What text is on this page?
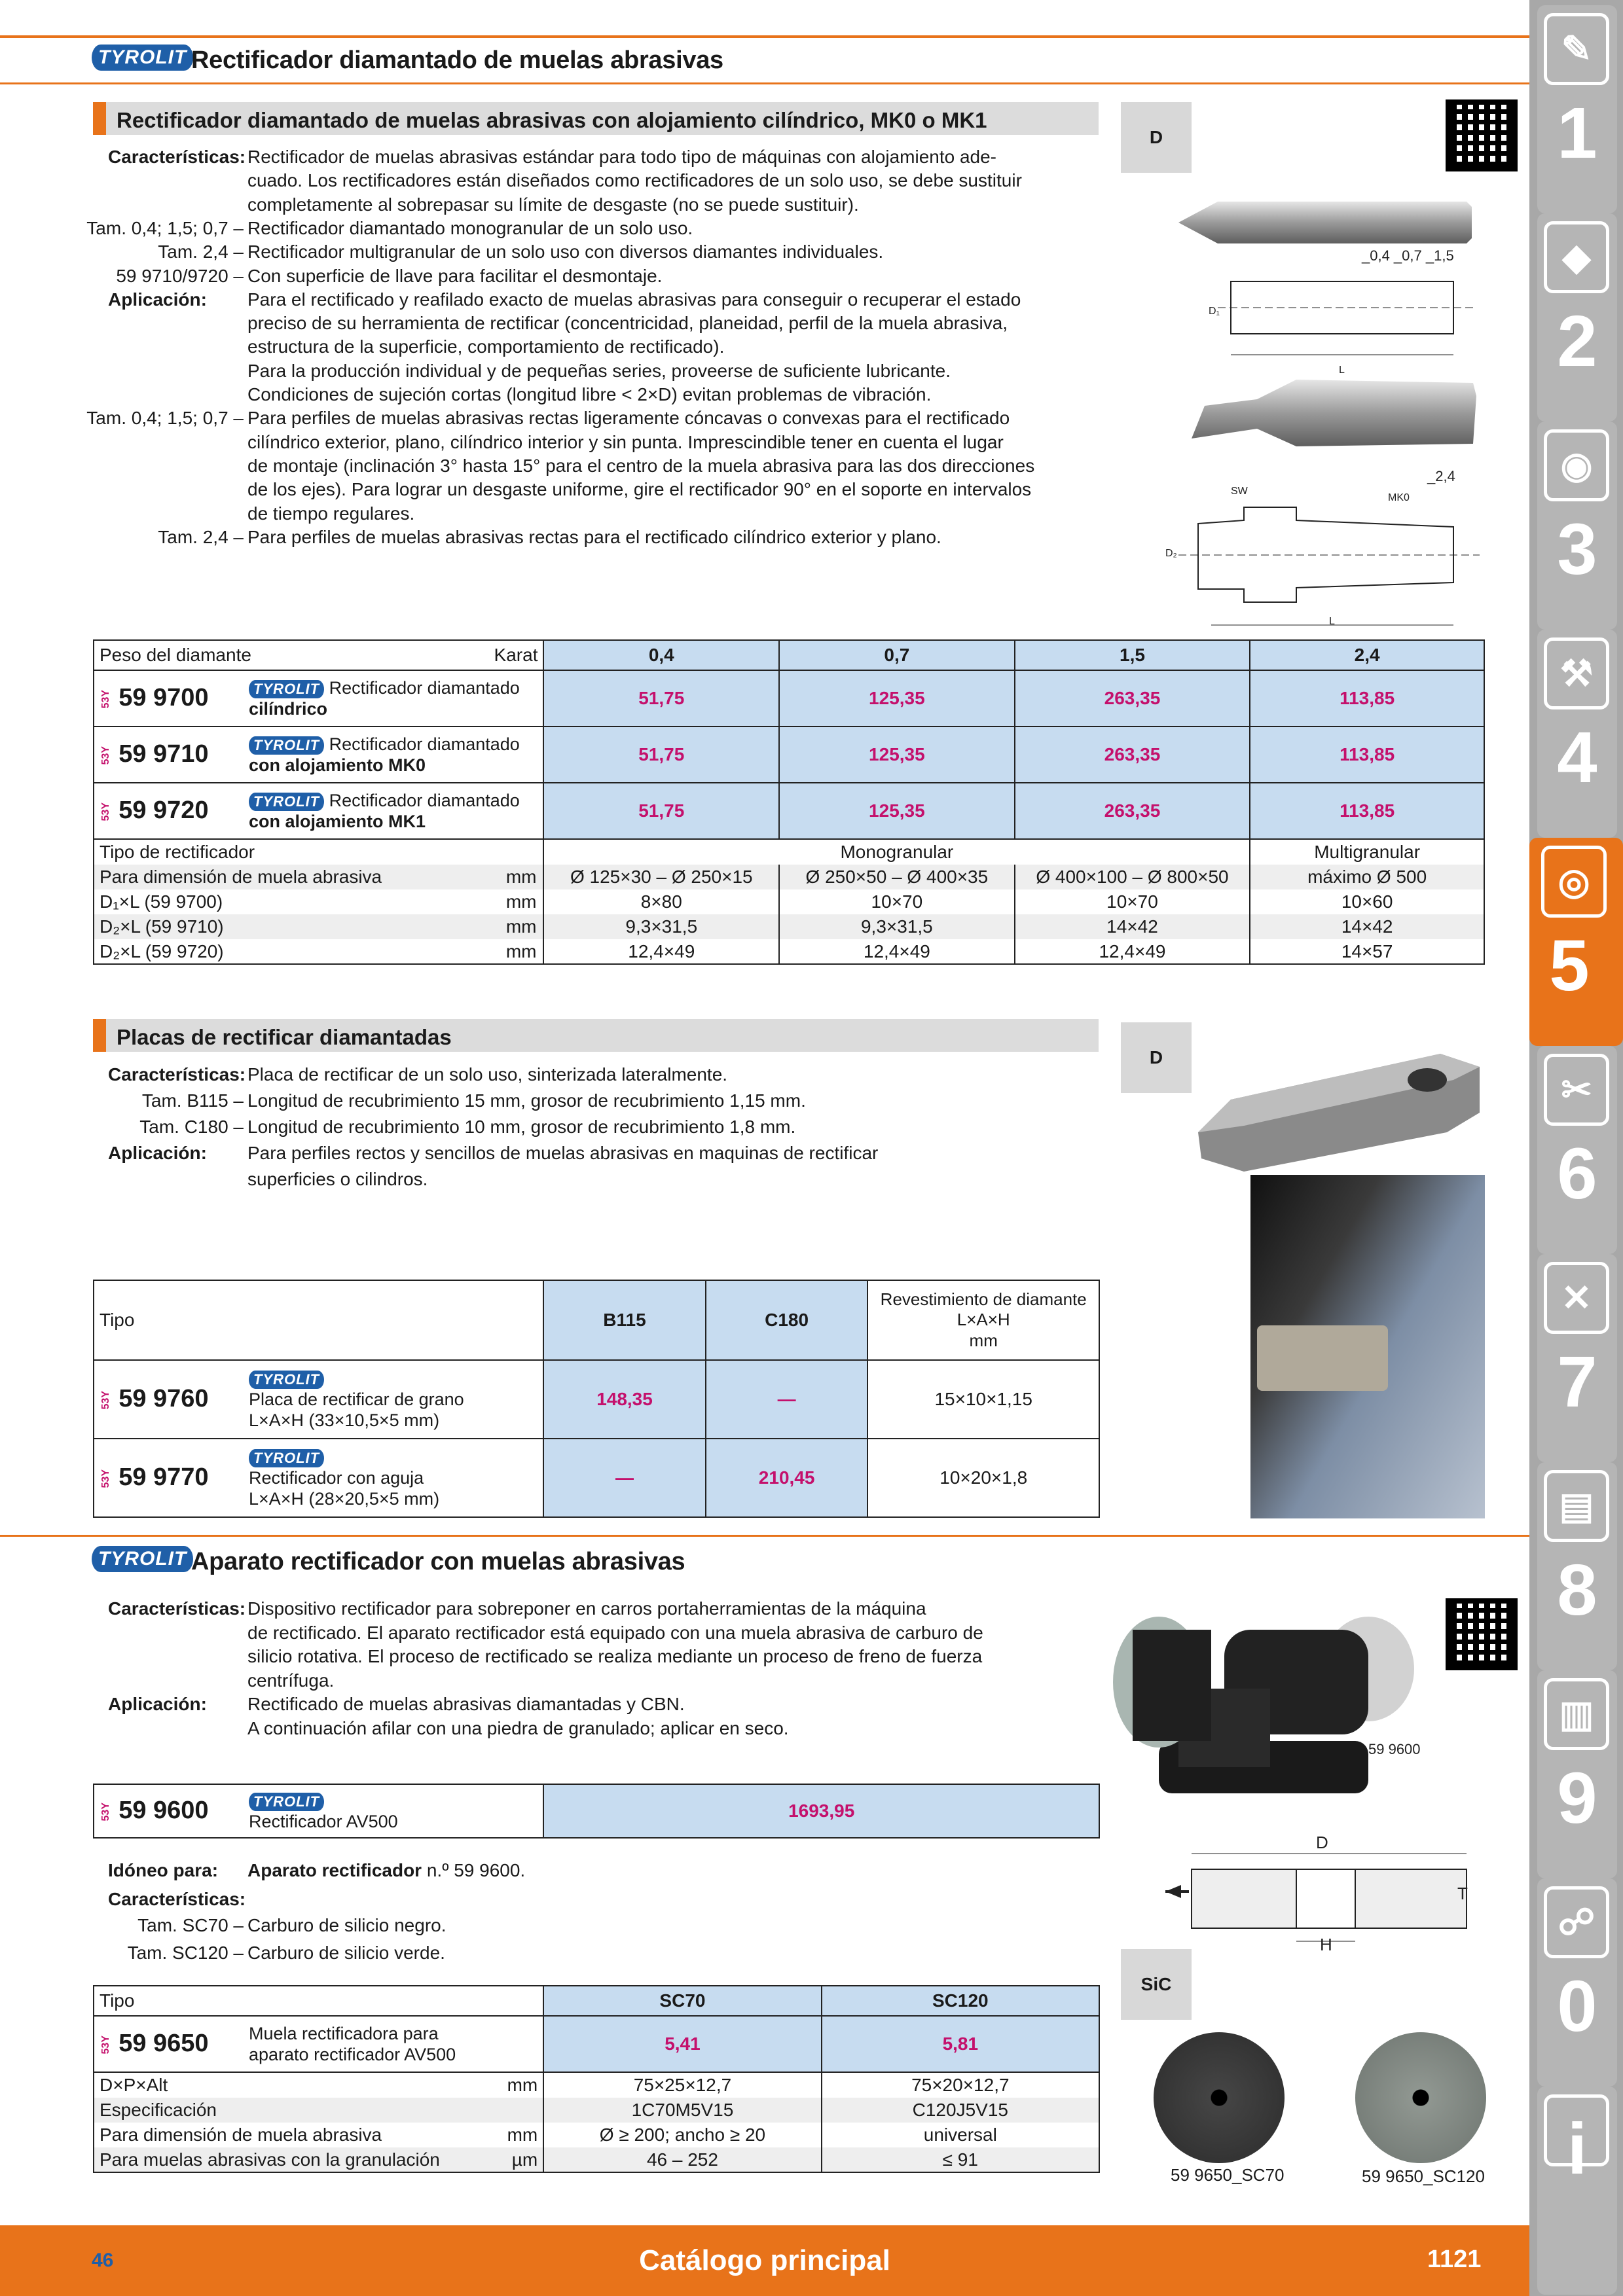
TYROLIT Rectificador diamantado de muelas abrasivas
Rectificador diamantado de muelas abrasivas con alojamiento cilíndrico, MK0 o MK1
D
Características: Rectificador de muelas abrasivas estándar para todo tipo de máquinas con alojamiento ade-
cuado. Los rectificadores están diseñados como rectificadores de un solo uso, se debe sustituir
completamente al sobrepasar su límite de desgaste (no se puede sustituir).
Tam. 0,4; 1,5; 0,7 – Rectificador diamantado monogranular de un solo uso.
Tam. 2,4 – Rectificador multigranular de un solo uso con diversos diamantes individuales.
59 9710/9720 – Con superficie de llave para facilitar el desmontaje.
Aplicación: Para el rectificado y reafilado exacto de muelas abrasivas para conseguir o recuperar el estado
preciso de su herramienta de rectificar (concentricidad, planeidad, perfil de la muela abrasiva,
estructura de la superficie, comportamiento de rectificado).
Para la producción individual y de pequeñas series, proveerse de suficiente lubricante.
Condiciones de sujeción cortas (longitud libre < 2×D) evitan problemas de vibración.
Tam. 0,4; 1,5; 0,7 – Para perfiles de muelas abrasivas rectas ligeramente cóncavas o convexas para el rectificado
cilíndrico exterior, plano, cilíndrico interior y sin punta. Imprescindible tener en cuenta el lugar
de montaje (inclinación 3° hasta 15° para el centro de la muela abrasiva para las dos direcciones
de los ejes). Para lograr un desgaste uniforme, gire el rectificador 90° en el soporte en intervalos
de tiempo regulares.
Tam. 2,4 – Para perfiles de muelas abrasivas rectas para el rectificado cilíndrico exterior y plano.
_0,4 _0,7 _1,5
D₁
L
_2,4
SW
MK0
D₂
L
Peso del diamante Karat	0,4	0,7	1,5	2,4

53Y 59 9700 TYROLIT Rectificador diamantado
cilíndrico	51,75	125,35	263,35	113,85

53Y 59 9710 TYROLIT Rectificador diamantado
con alojamiento MK0	51,75	125,35	263,35	113,85

53Y 59 9720 TYROLIT Rectificador diamantado
con alojamiento MK1	51,75	125,35	263,35	113,85
Tipo de rectificador	Monogranular			Multigranular
Para dimensión de muela abrasiva mm	Ø 125×30 – Ø 250×15	Ø 250×50 – Ø 400×35	Ø 400×100 – Ø 800×50	máximo Ø 500
D₁×L (59 9700) mm	8×80	10×70	10×70	10×60
D₂×L (59 9710) mm	9,3×31,5	9,3×31,5	14×42	14×42
D₂×L (59 9720) mm	12,4×49	12,4×49	12,4×49	14×57
Placas de rectificar diamantadas
D
Características: Placa de rectificar de un solo uso, sinterizada lateralmente.
Tam. B115 – Longitud de recubrimiento 15 mm, grosor de recubrimiento 1,15 mm.
Tam. C180 – Longitud de recubrimiento 10 mm, grosor de recubrimiento 1,8 mm.
Aplicación: Para perfiles rectos y sencillos de muelas abrasivas en maquinas de rectificar
superficies o cilindros.
Tipo	B115	C180	Revestimiento de diamante
L×A×H
mm

53Y 59 9760
TYROLIT
Placa de rectificar de grano
L×A×H (33×10,5×5 mm)	148,35	—	15×10×1,15

53Y 59 9770
TYROLIT
Rectificador con aguja
L×A×H (28×20,5×5 mm)	—	210,45	10×20×1,8
TYROLIT Aparato rectificador con muelas abrasivas
Características: Dispositivo rectificador para sobreponer en carros portaherramientas de la máquina
de rectificado. El aparato rectificador está equipado con una muela abrasiva de carburo de
silicio rotativa. El proceso de rectificado se realiza mediante un proceso de freno de fuerza
centrífuga.
Aplicación: Rectificado de muelas abrasivas diamantadas y CBN.
A continuación afilar con una piedra de granulado; aplicar en seco.
59 9600
53Y 59 9600	TYROLIT
Rectificador AV500
	1693,95
Idóneo para: Aparato rectificador n.º 59 9600.
Características:
Tam. SC70 – Carburo de silicio negro.
Tam. SC120 – Carburo de silicio verde.
D
T
H
SiC
59 9650_SC70	59 9650_SC120
Tipo	SC70	SC120

53Y 59 9650 Muela rectificadora para
aparato rectificador AV500	5,41	5,81
D×P×Alt mm	75×25×12,7	75×20×12,7
Especificación	1C70M5V15	C120J5V15
Para dimensión de muela abrasiva mm	Ø ≥ 200; ancho ≥ 20	universal
Para muelas abrasivas con la granulación µm	46 – 252	≤ 91
✎
1
◆
2
◉
3
⚒
4
◎
5
✂
6
✕
7
▤
8
▥
9
☍
0
i
46	Catálogo principal	1121
